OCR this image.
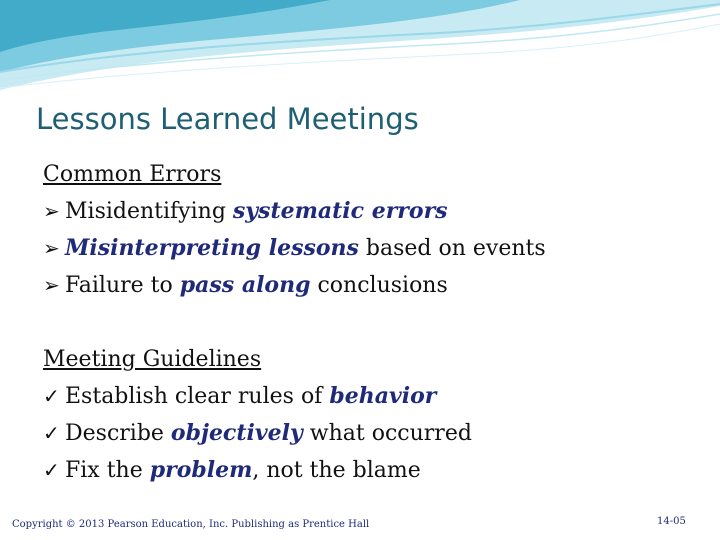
Lessons Learned Meetings
Common Errors
➢ Misidentifying systematic errors
➢ Misinterpreting lessons based on events
➢ Failure to pass along conclusions
Meeting Guidelines
✓ Establish clear rules of behavior
✓ Describe objectively what occurred
✓ Fix the problem, not the blame
Copyright © 2013 Pearson Education, Inc. Publishing as Prentice Hall	14-05
